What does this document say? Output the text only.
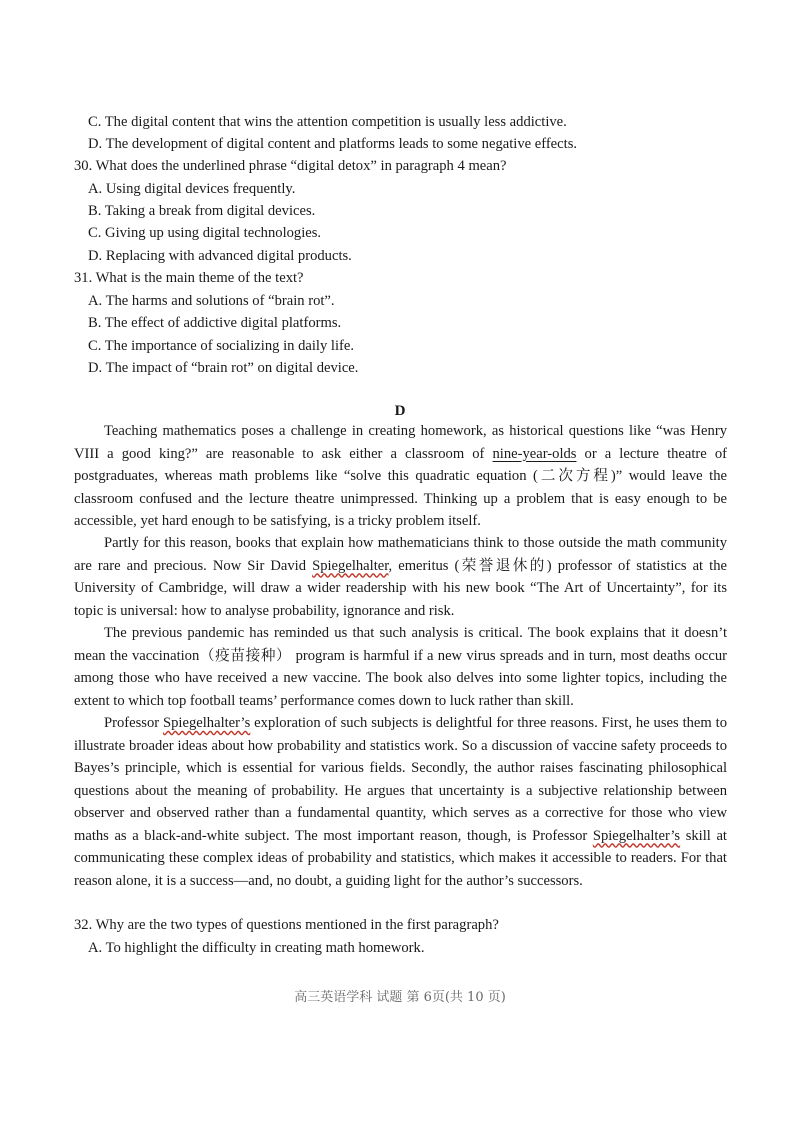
C. The digital content that wins the attention competition is usually less addictive.
D. The development of digital content and platforms leads to some negative effects.
30. What does the underlined phrase “digital detox” in paragraph 4 mean?
A. Using digital devices frequently.
B. Taking a break from digital devices.
C. Giving up using digital technologies.
D. Replacing with advanced digital products.
31. What is the main theme of the text?
A. The harms and solutions of “brain rot”.
B. The effect of addictive digital platforms.
C. The importance of socializing in daily life.
D. The impact of “brain rot” on digital device.
D
Teaching mathematics poses a challenge in creating homework, as historical questions like “was Henry VIII a good king?” are reasonable to ask either a classroom of nine-year-olds or a lecture theatre of postgraduates, whereas math problems like “solve this quadratic equation (二次方程)” would leave the classroom confused and the lecture theatre unimpressed. Thinking up a problem that is easy enough to be accessible, yet hard enough to be satisfying, is a tricky problem itself.
Partly for this reason, books that explain how mathematicians think to those outside the math community are rare and precious. Now Sir David Spiegelhalter, emeritus (荣誉退休的) professor of statistics at the University of Cambridge, will draw a wider readership with his new book “The Art of Uncertainty”, for its topic is universal: how to analyse probability, ignorance and risk.
The previous pandemic has reminded us that such analysis is critical. The book explains that it doesn’t mean the vaccination（疫苗接种） program is harmful if a new virus spreads and in turn, most deaths occur among those who have received a new vaccine. The book also delves into some lighter topics, including the extent to which top football teams’ performance comes down to luck rather than skill.
Professor Spiegelhalter’s exploration of such subjects is delightful for three reasons. First, he uses them to illustrate broader ideas about how probability and statistics work. So a discussion of vaccine safety proceeds to Bayes’s principle, which is essential for various fields. Secondly, the author raises fascinating philosophical questions about the meaning of probability. He argues that uncertainty is a subjective relationship between observer and observed rather than a fundamental quantity, which serves as a corrective for those who view maths as a black-and-white subject. The most important reason, though, is Professor Spiegelhalter’s skill at communicating these complex ideas of probability and statistics, which makes it accessible to readers. For that reason alone, it is a success—and, no doubt, a guiding light for the author’s successors.
32. Why are the two types of questions mentioned in the first paragraph?
A. To highlight the difficulty in creating math homework.
高三英语学科 试题 第 6页(共 10 页)
